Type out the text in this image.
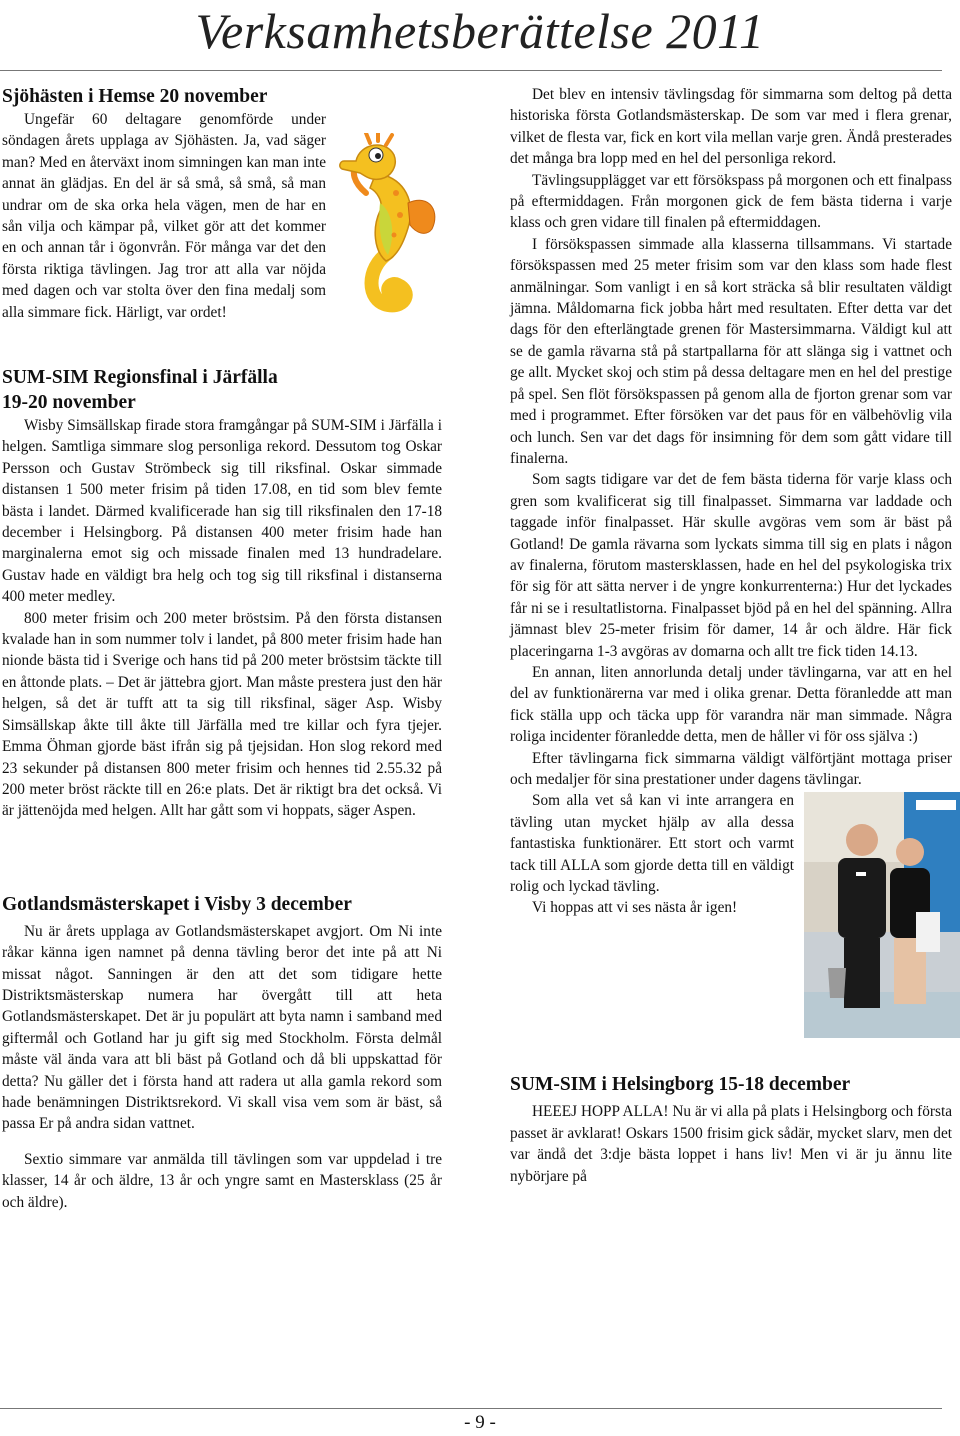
Verksamhetsberättelse 2011
Sjöhästen i Hemse 20 november

Ungefär 60 deltagare genomförde under söndagen årets upplaga av Sjöhästen. Ja, vad säger man? Med en återväxt inom simningen kan man inte annat än glädjas. En del är så små, så små, så man undrar om de ska orka hela vägen, men de har en sån vilja och kämpar på, vilket gör att det kommer en och annan tår i ögonvrån. För många var det den första riktiga tävlingen. Jag tror att alla var nöjda med dagen och var stolta över den fina medalj som alla simmare fick. Härligt, var ordet!

SUM-SIM Regionsfinal i Järfälla
19-20 november

Wisby Simsällskap firade stora framgångar på SUM-SIM i Järfälla i helgen. Samtliga simmare slog personliga rekord. Dessutom tog Oskar Persson och Gustav Strömbeck sig till riksfinal. Oskar simmade distansen 1 500 meter frisim på tiden 17.08, en tid som blev femte bästa i landet. Därmed kvalificerade han sig till riksfinalen den 17-18 december i Helsingborg. På distansen 400 meter frisim hade han marginalerna emot sig och missade finalen med 13 hundradelare. Gustav hade en väldigt bra helg och tog sig till riksfinal i distanserna 400 meter medley.

800 meter frisim och 200 meter bröstsim. På den första distansen kvalade han in som nummer tolv i landet, på 800 meter frisim hade han nionde bästa tid i Sverige och hans tid på 200 meter bröstsim täckte till en åttonde plats. – Det är jättebra gjort. Man måste prestera just den här helgen, så det är tufft att ta sig till riksfinal, säger Asp. Wisby Simsällskap åkte till åkte till Järfälla med tre killar och fyra tjejer. Emma Öhman gjorde bäst ifrån sig på tjejsidan. Hon slog rekord med 23 sekunder på distansen 800 meter frisim och hennes tid 2.55.32 på 200 meter bröst räckte till en 26:e plats. Det är riktigt bra det också. Vi är jättenöjda med helgen. Allt har gått som vi hoppats, säger Aspen.

Gotlandsmästerskapet i Visby 3 december

Nu är årets upplaga av Gotlandsmästerskapet avgjort. Om Ni inte råkar känna igen namnet på denna tävling beror det inte på att Ni missat något. Sanningen är den att det som tidigare hette Distriktsmästerskap numera har övergått till att heta Gotlandsmästerskapet. Det är ju populärt att byta namn i samband med giftermål och Gotland har ju gift sig med Stockholm. Första delmål måste väl ända vara att bli bäst på Gotland och då bli uppskattad för detta? Nu gäller det i första hand att radera ut alla gamla rekord som hade benämningen Distriktsrekord. Vi skall visa vem som är bäst, så passa Er på andra sidan vattnet.

Sextio simmare var anmälda till tävlingen som var uppdelad i tre klasser, 14 år och äldre, 13 år och yngre samt en Mastersklass (25 år och äldre).

Det blev en intensiv tävlingsdag för simmarna som deltog på detta historiska första Gotlandsmästerskap. De som var med i flera grenar, vilket de flesta var, fick en kort vila mellan varje gren. Ändå presterades det många bra lopp med en hel del personliga rekord.

Tävlingsupplägget var ett försökspass på morgonen och ett finalpass på eftermiddagen. Från morgonen gick de fem bästa tiderna i varje klass och gren vidare till finalen på eftermiddagen.

I försökspassen simmade alla klasserna tillsammans. Vi startade försökspassen med 25 meter frisim som var den klass som hade flest anmälningar. Som vanligt i en så kort sträcka så blir resultaten väldigt jämna. Måldomarna fick jobba hårt med resultaten. Efter detta var det dags för den efterlängtade grenen för Mastersimmarna. Väldigt kul att se de gamla rävarna stå på startpallarna för att slänga sig i vattnet och ge allt. Mycket skoj och stim på dessa deltagare men en hel del prestige på spel. Sen flöt försökspassen på genom alla de fjorton grenar som var med i programmet. Efter försöken var det paus för en välbehövlig vila och lunch. Sen var det dags för insimning för dem som gått vidare till finalerna.

Som sagts tidigare var det de fem bästa tiderna för varje klass och gren som kvalificerat sig till finalpasset. Simmarna var laddade och taggade inför finalpasset. Här skulle avgöras vem som är bäst på Gotland! De gamla rävarna som lyckats simma till sig en plats i någon av finalerna, förutom mastersklassen, hade en hel del psykologiska trix för sig för att sätta nerver i de yngre konkurrenterna:) Hur det lyckades får ni se i resultatlistorna. Finalpasset bjöd på en hel del spänning. Allra jämnast blev 25-meter frisim för damer, 14 år och äldre. Här fick placeringarna 1-3 avgöras av domarna och allt tre fick tiden 14.13.

En annan, liten annorlunda detalj under tävlingarna, var att en hel del av funktionärerna var med i olika grenar. Detta föranledde att man fick ställa upp och täcka upp för varandra när man simmade. Några roliga incidenter föranledde detta, men de håller vi för oss själva :)

Efter tävlingarna fick simmarna väldigt välförtjänt mottaga priser och medaljer för sina prestationer under dagens tävlingar.

Som alla vet så kan vi inte arrangera en tävling utan mycket hjälp av alla dessa fantastiska funktionärer. Ett stort och varmt tack till ALLA som gjorde detta till en väldigt rolig och lyckad tävling.

Vi hoppas att vi ses nästa år igen!

SUM-SIM i Helsingborg 15-18 december

HEEEJ HOPP ALLA! Nu är vi alla på plats i Helsingborg och första passet är avklarat! Oskars 1500 frisim gick sådär, mycket slarv, men det var ändå det 3:dje bästa loppet i hans liv! Men vi är ju ännu lite nybörjare på

- 9 -
